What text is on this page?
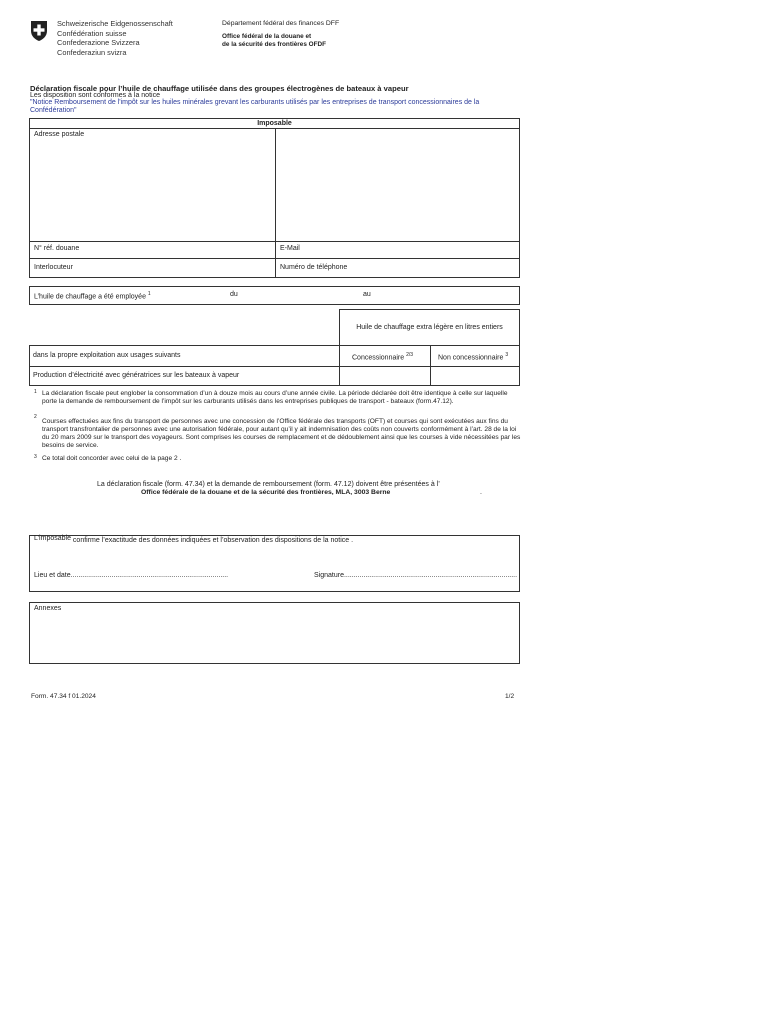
Schweizerische Eidgenossenschaft
Confédération suisse
Confederazione Svizzera
Confederaziun svizra
Département fédéral des finances DFF
Office fédéral de la douane et
de la sécurité des frontières OFDF
Déclaration fiscale pour l’huile de chauffage utilisée dans des groupes électrogènes de bateaux à vapeur
Les disposition sont conformes à la notice
"Notice Remboursement de l'impôt sur les huiles minérales grevant les carburants utilisés par les entreprises de transport concessionnaires de la Confédération"
Imposable
Adresse postale
N° réf. douane	E-Mail
Interlocuteur	Numéro de téléphone
L’huile de chauffage a été employée $^1$	du	au
Huile de chauffage extra légère en litres entiers
dans la propre exploitation aux usages suivants	Concessionnaire $^{2/3}$	Non concessionnaire $^3$
Production d’électricité avec génératrices sur les bateaux à vapeur
1 La déclaration fiscale peut englober la consommation d’un à douze mois au cours d’une année civile. La période déclarée doit être identique à celle sur laquelle porte la demande de remboursement de l’impôt sur les carburants utilisés dans les entreprises publiques de transport - bateaux (form.47.12).
2
Courses effectuées aux fins du transport de personnes avec une concession de l’Office fédérale des transports (OFT) et courses qui sont exécutées aux fins du transport transfrontalier de personnes avec une autorisation fédérale, pour autant qu’il y ait indemnisation des coûts non couverts conformément à l’art. 28 de la loi du 20 mars 2009 sur le transport des voyageurs. Sont comprises les courses de remplacement et de dédoublement ainsi que les courses à vide nécessitées par les besoins de service.
3 Ce total doit concorder avec celui de la page 2 .
La déclaration fiscale (form. 47.34) et la demande de remboursement (form. 47.12) doivent être présentées à l’
Office fédérale de la douane et de la sécurité des frontières, MLA, 3003 Berne	.
L’imposable confirme l’exactitude des données indiquées et l’observation des dispositions de la notice .
Lieu et date.................................................................................	Signature.........................................................................................
Annexes
Form. 47.34 f 01.2024	1/2
